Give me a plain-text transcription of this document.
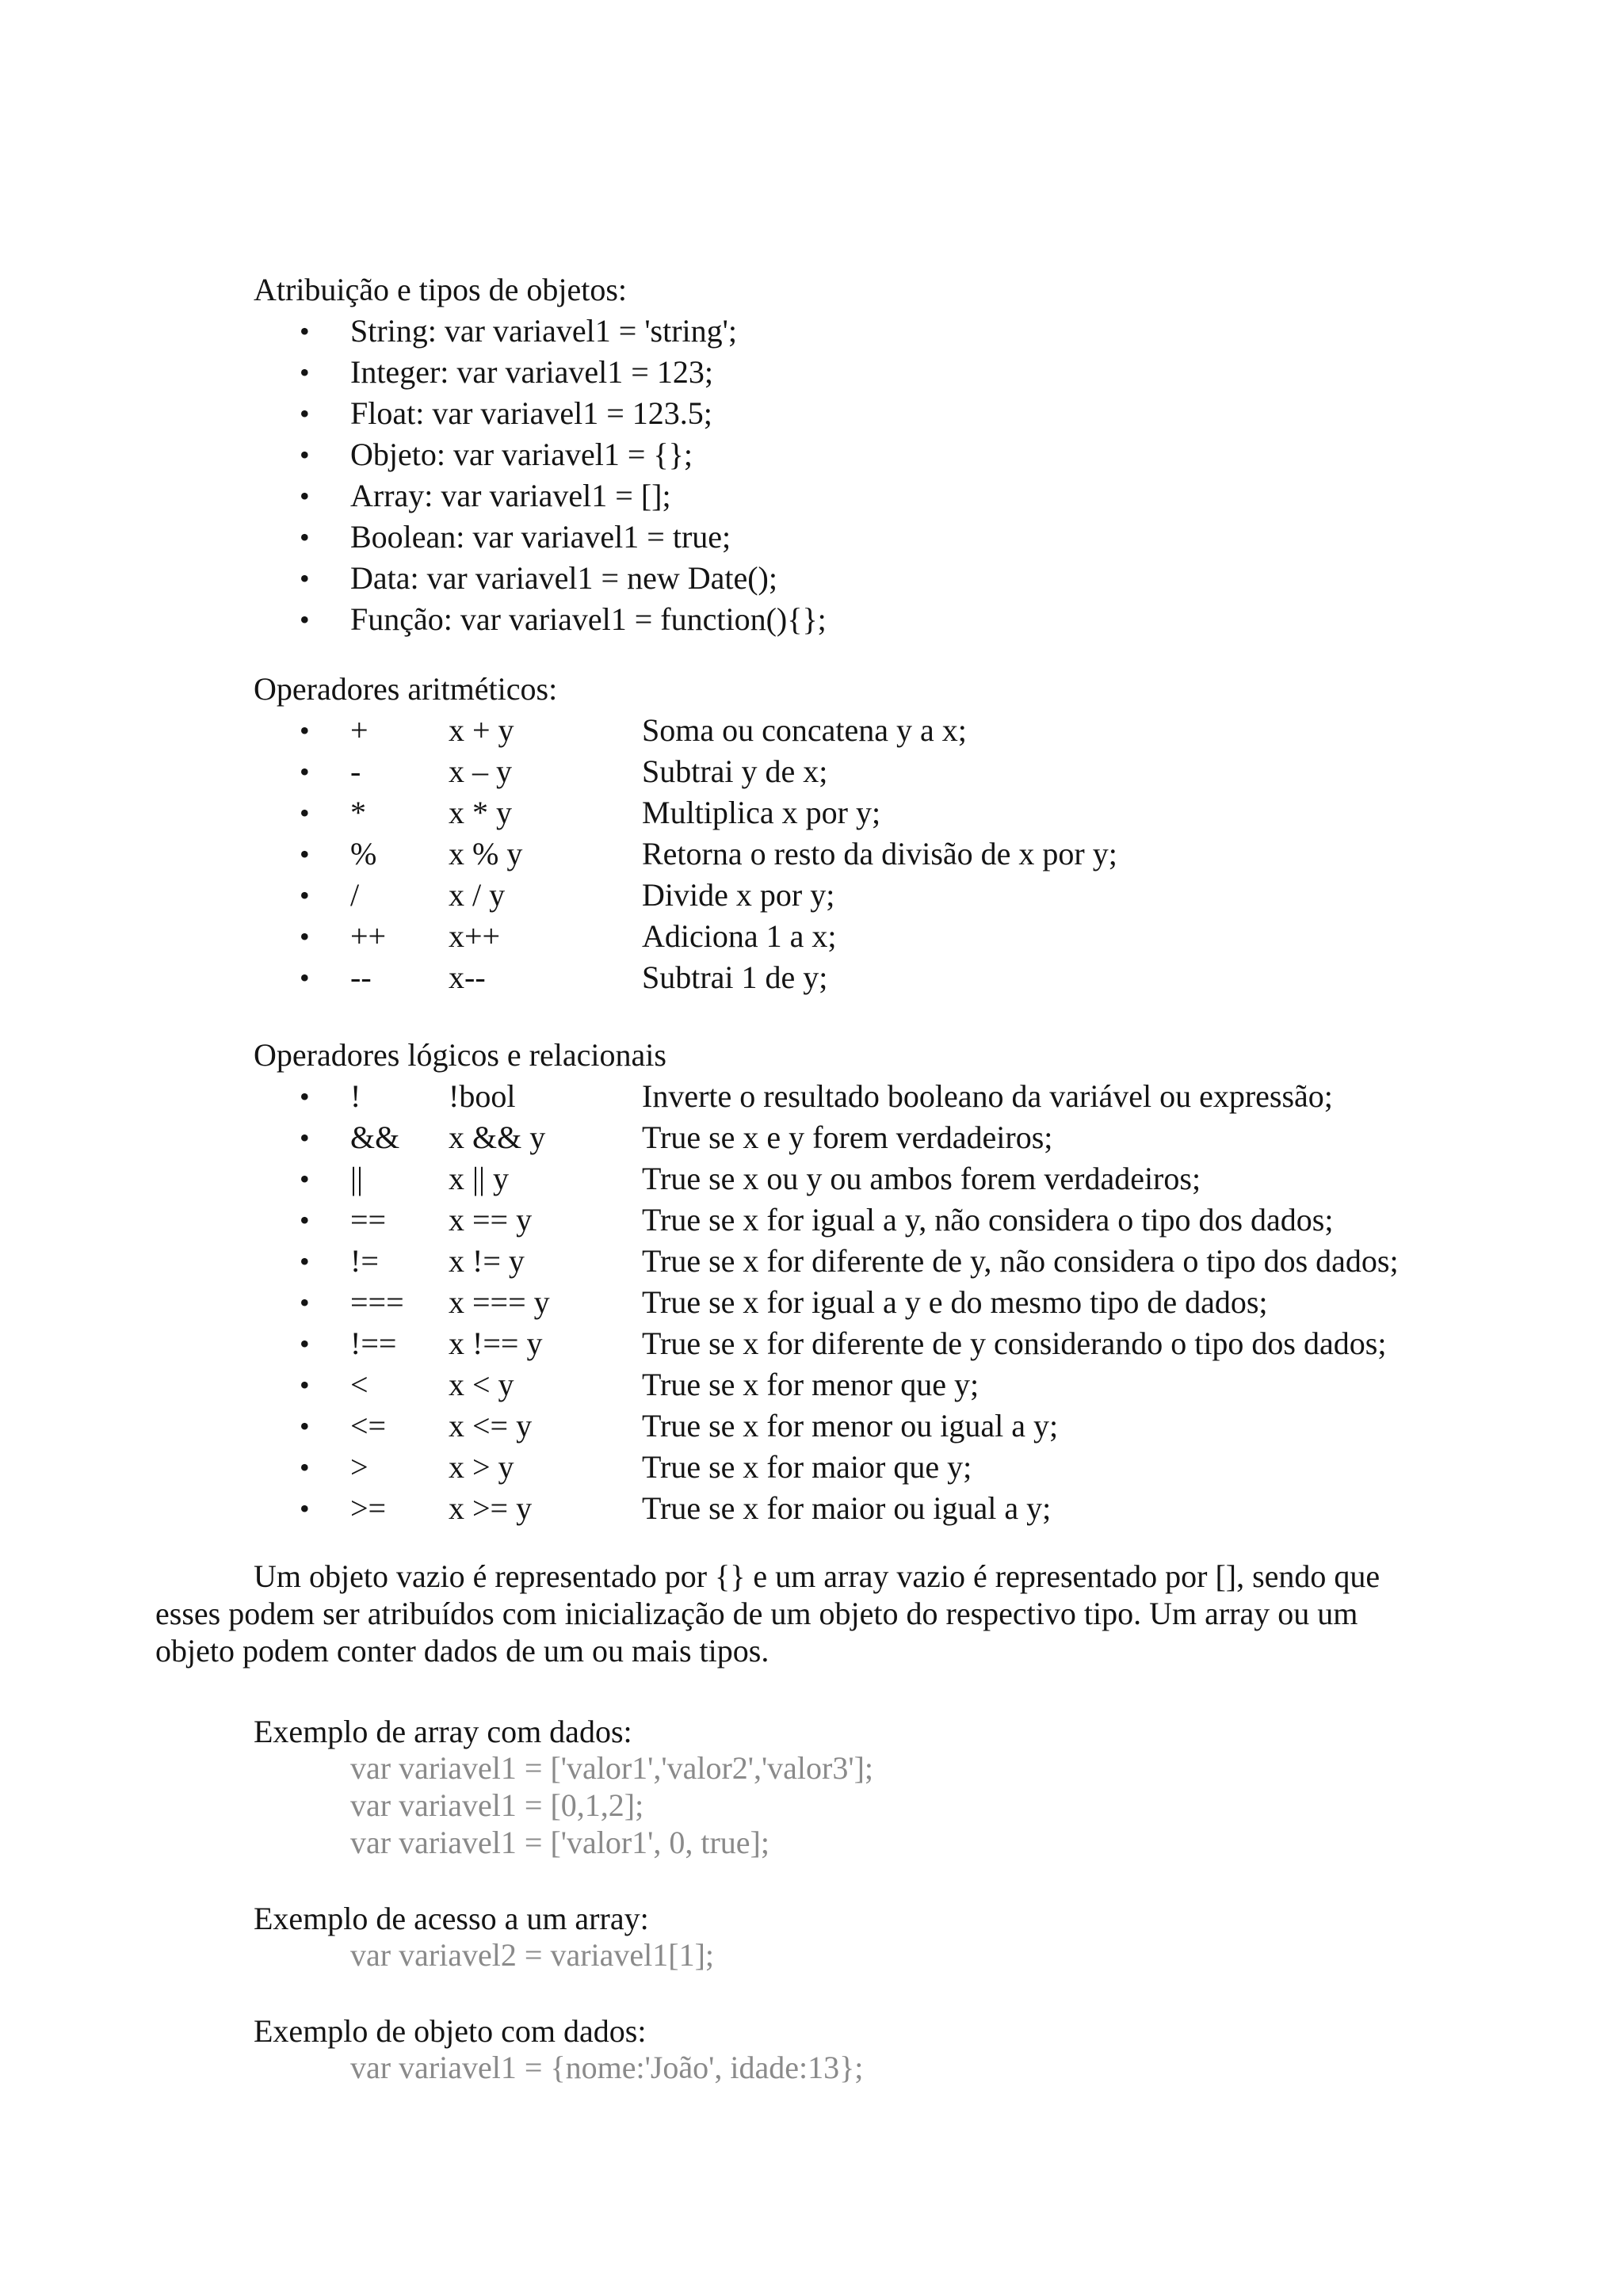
Atribuição e tipos de objetos:
• String: var variavel1 = 'string';
• Integer: var variavel1 = 123;
• Float: var variavel1 = 123.5;
• Objeto: var variavel1 = {};
• Array: var variavel1 = [];
• Boolean: var variavel1 = true;
• Data: var variavel1 = new Date();
• Função: var variavel1 = function(){};
Operadores aritméticos:
• +	x + y	Soma ou concatena y a x;
• -	x – y	Subtrai y de x;
• *	x * y	Multiplica x por y;
• % x % y	Retorna o resto da divisão de x por y;
• /	x / y	Divide x por y;
• ++ x++	Adiciona 1 a x;
• -- x--	Subtrai 1 de y;
Operadores lógicos e relacionais
• !	!bool	Inverte o resultado booleano da variável ou expressão;
• && x && y	True se x e y forem verdadeiros;
• ||	x || y	True se x ou y ou ambos forem verdadeiros;
• == x == y	True se x for igual a y, não considera o tipo dos dados;
• != x != y	True se x for diferente de y, não considera o tipo dos dados;
• === x === y	True se x for igual a y e do mesmo tipo de dados;
• !== x !== y	True se x for diferente de y considerando o tipo dos dados;
• <	x < y	True se x for menor que y;
• <= x <= y	True se x for menor ou igual a y;
• >	x > y	True se x for maior que y;
• >= x >= y	True se x for maior ou igual a y;
Um objeto vazio é representado por {} e um array vazio é representado por [], sendo que
esses podem ser atribuídos com inicialização de um objeto do respectivo tipo. Um array ou um
objeto podem conter dados de um ou mais tipos.
Exemplo de array com dados:
var variavel1 = ['valor1','valor2','valor3'];
var variavel1 = [0,1,2];
var variavel1 = ['valor1', 0, true];
Exemplo de acesso a um array:
var variavel2 = variavel1[1];
Exemplo de objeto com dados:
var variavel1 = {nome:'João', idade:13};
